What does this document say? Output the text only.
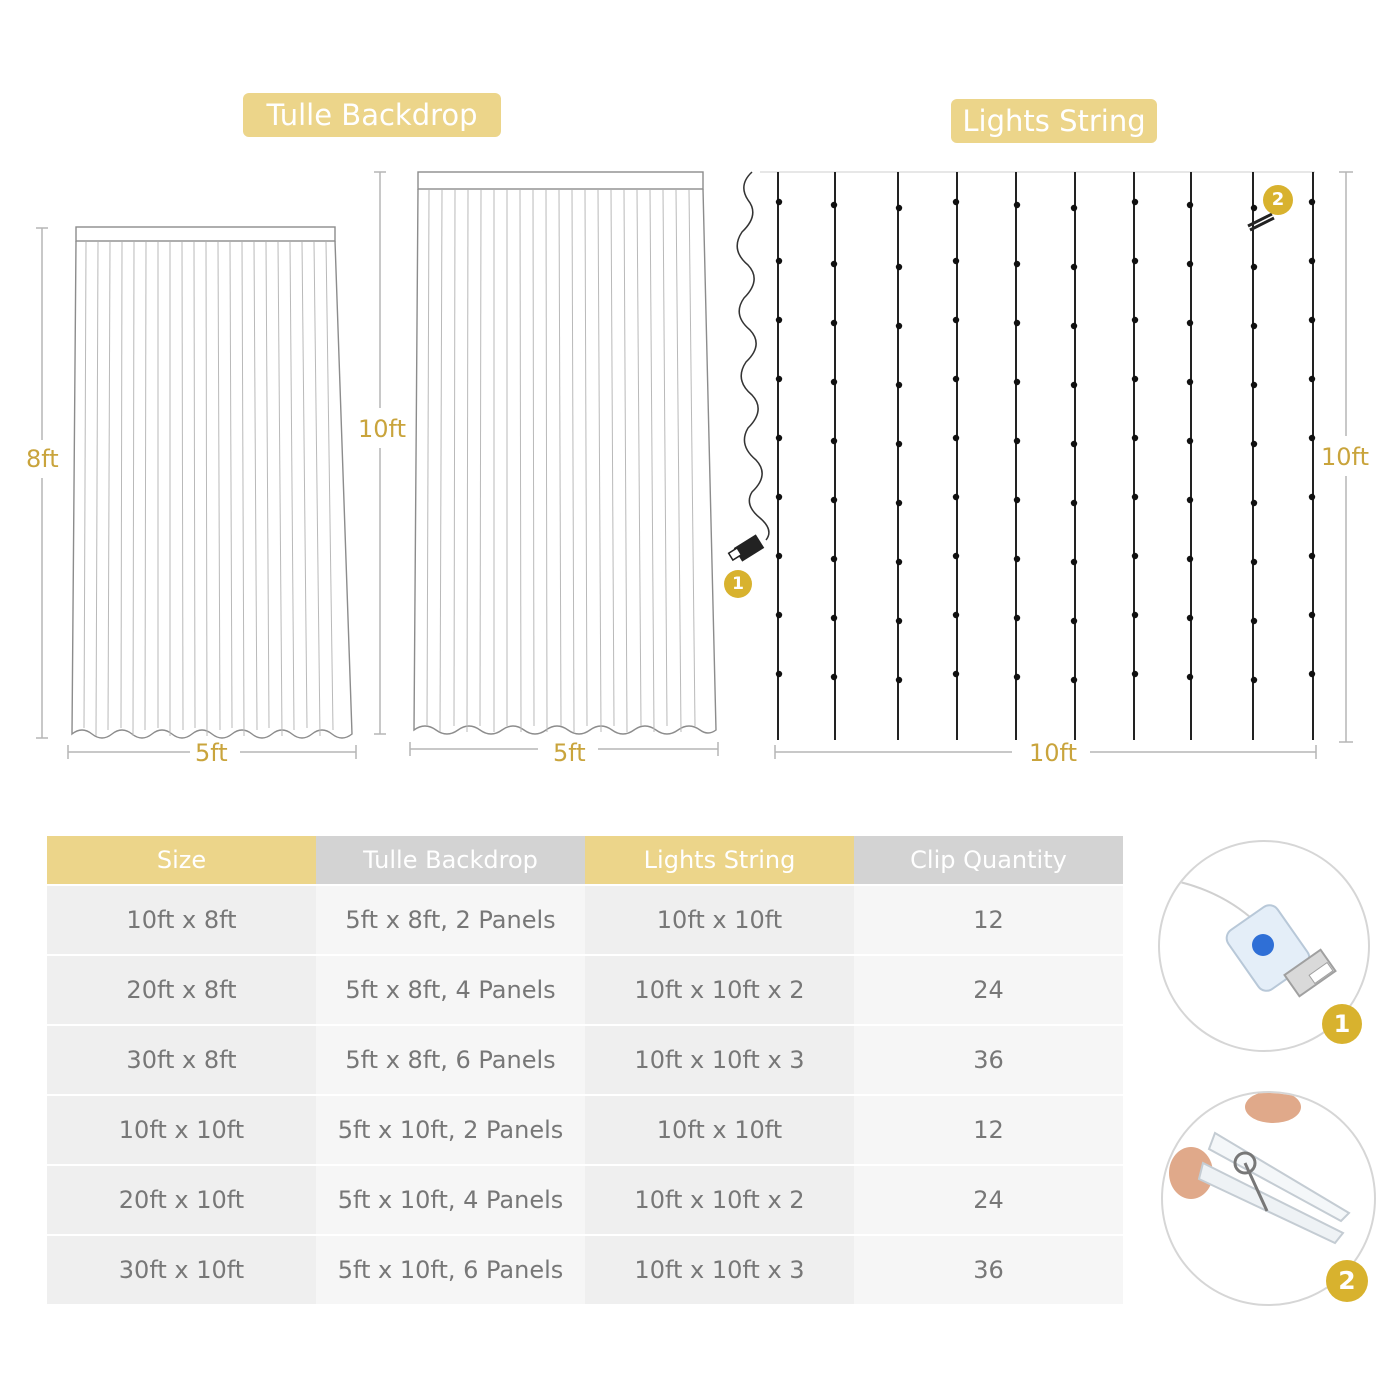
Tulle Backdrop	Lights String
8ft
5ft
10ft
5ft
10ft
10ft
1
2
Size	Tulle Backdrop	Lights String	Clip Quantity
10ft x 8ft	5ft x 8ft, 2 Panels	10ft x 10ft	12
20ft x 8ft	5ft x 8ft, 4 Panels	10ft x 10ft x 2	24
30ft x 8ft	5ft x 8ft, 6 Panels	10ft x 10ft x 3	36
10ft x 10ft	5ft x 10ft, 2 Panels	10ft x 10ft	12
20ft x 10ft	5ft x 10ft, 4 Panels	10ft x 10ft x 2	24
30ft x 10ft	5ft x 10ft, 6 Panels	10ft x 10ft x 3	36
1
2
